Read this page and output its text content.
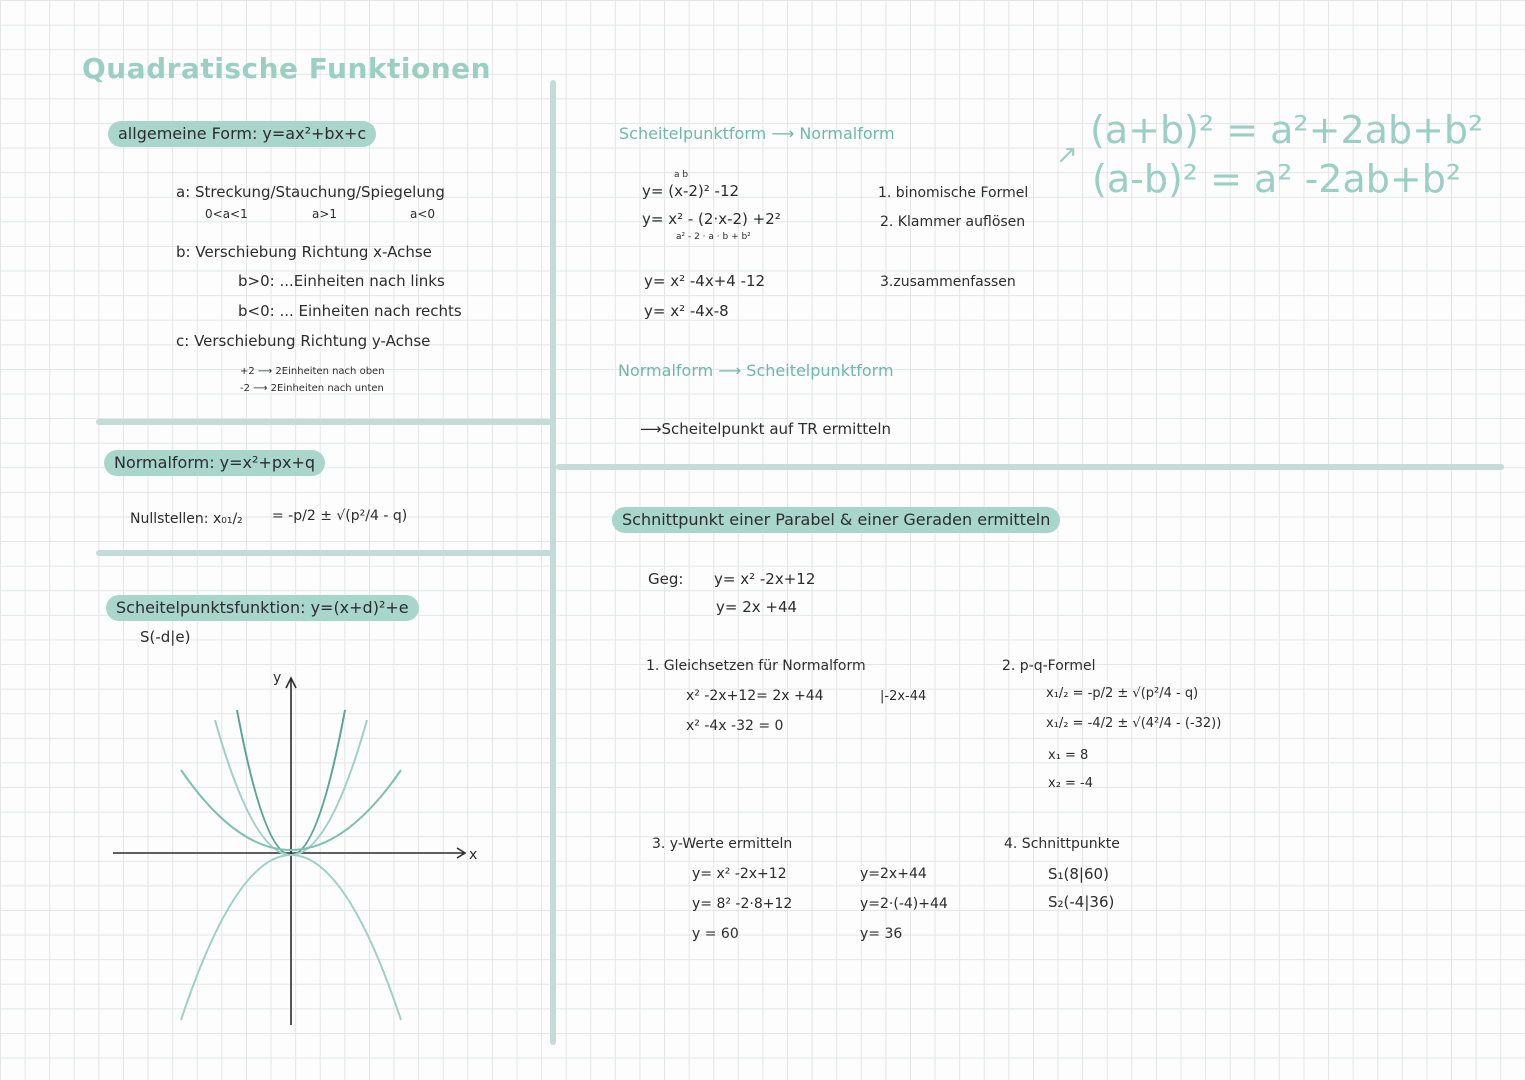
Quadratische Funktionen
allgemeine Form: y=ax²+bx+c
a: Streckung/Stauchung/Spiegelung
0<a<1	a>1	a<0
b: Verschiebung Richtung x-Achse
b>0: ...Einheiten nach links
b<0: ... Einheiten nach rechts
c: Verschiebung Richtung y-Achse
+2 ⟶ 2Einheiten nach oben
-2 ⟶ 2Einheiten nach unten
Normalform: y=x²+px+q
Nullstellen: x₀₁/₂ = -p/2 ± √(p²/4 - q)
Scheitelpunktsfunktion: y=(x+d)²+e
S(-d|e)
y
x
Scheitelpunktform ⟶ Normalform
a b
y= (x-2)² -12
y= x² - (2·x-2) +2²
a² - 2 · a · b + b²
y= x² -4x+4 -12
y= x² -4x-8
1. binomische Formel
2. Klammer auflösen
3.zusammenfassen
(a+b)² = a²+2ab+b²
(a-b)² = a² -2ab+b²
↗
Normalform ⟶ Scheitelpunktform
⟶Scheitelpunkt auf TR ermitteln
Schnittpunkt einer Parabel & einer Geraden ermitteln
Geg: y= x² -2x+12
y= 2x +44
1. Gleichsetzen für Normalform
x² -2x+12= 2x +44	|-2x-44
x² -4x -32 = 0
2. p-q-Formel
x₁/₂ = -p/2 ± √(p²/4 - q)
x₁/₂ = -4/2 ± √(4²/4 - (-32))
x₁ = 8
x₂ = -4
3. y-Werte ermitteln
y= x² -2x+12
y= 8² -2·8+12
y = 60
y=2x+44
y=2·(-4)+44
y= 36
4. Schnittpunkte
S₁(8|60)
S₂(-4|36)
